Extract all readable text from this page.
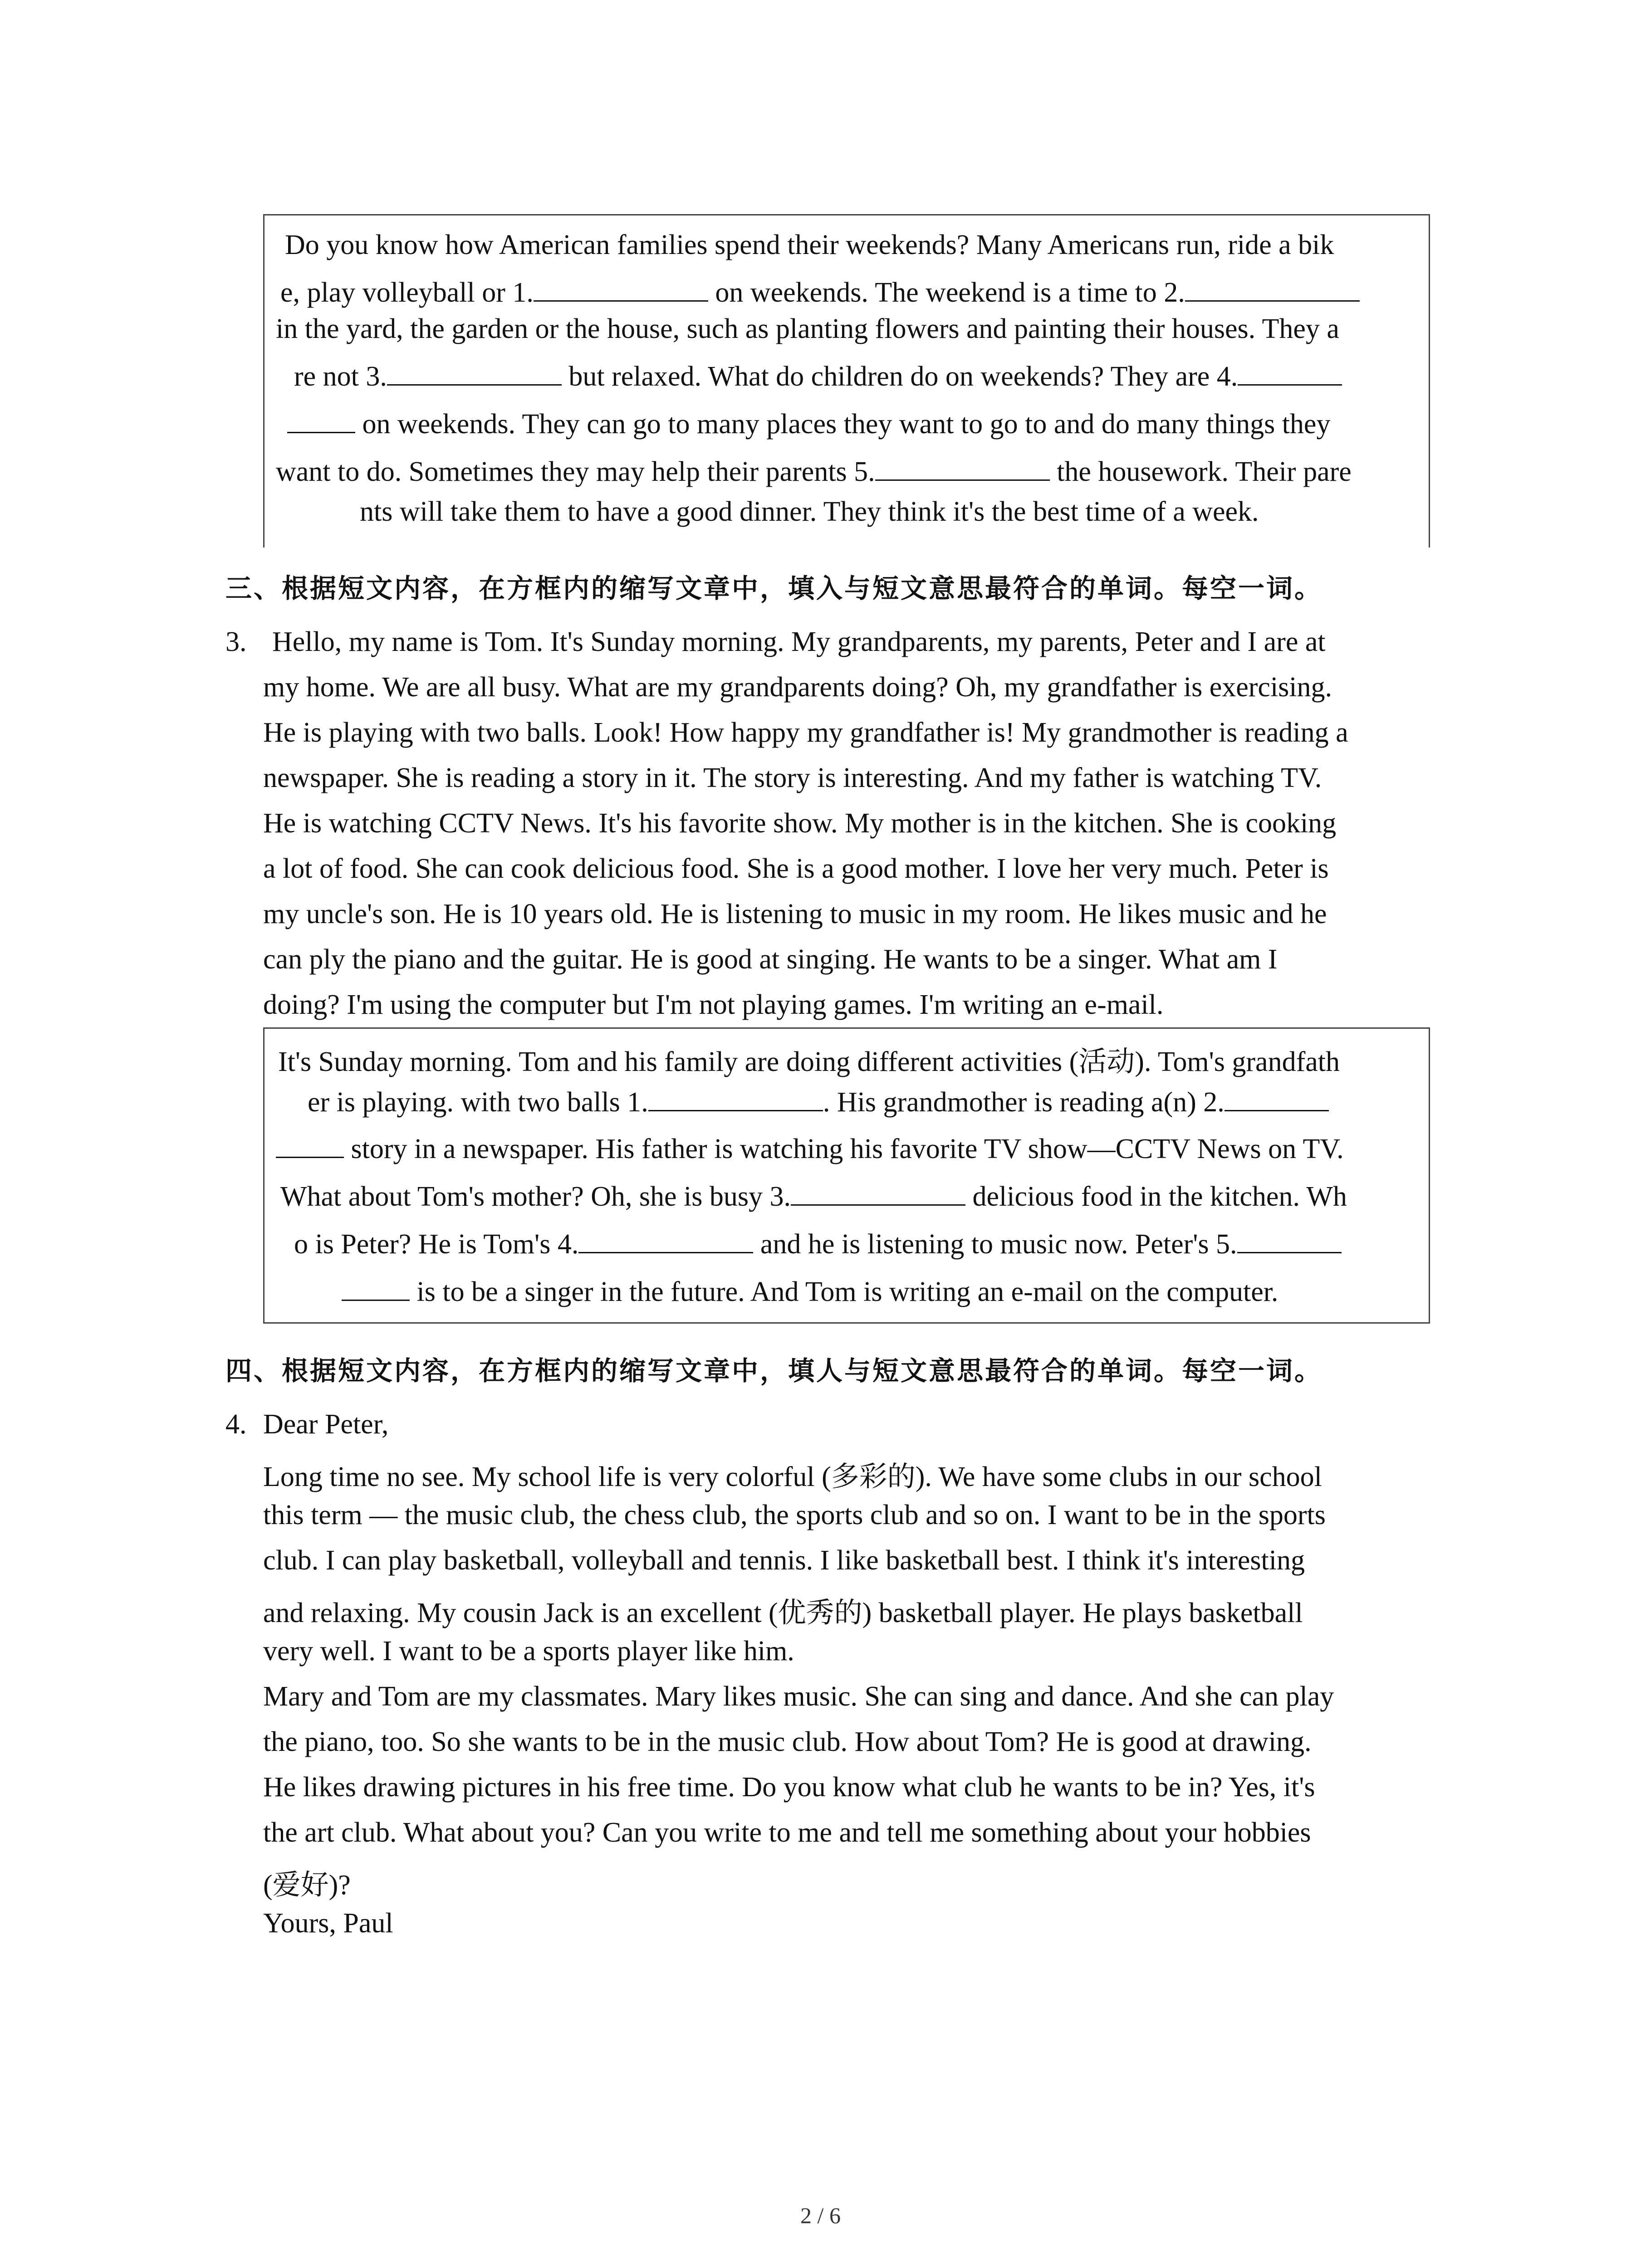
Do you know how American families spend their weekends? Many Americans run, ride a bik
e, play volleyball or 1.	on weekends. The weekend is a time to 2.
in the yard, the garden or the house, such as planting flowers and painting their houses. They a
re not 3.	but relaxed. What do children do on weekends? They are 4.
on weekends. They can go to many places they want to go to and do many things they
want to do. Sometimes they may help their parents 5.	the housework. Their pare
nts will take them to have a good dinner. They think it's the best time of a week.
三、根据短文内容，在方框内的缩写文章中，填入与短文意思最符合的单词。每空一词。
3. Hello, my name is Tom. It's Sunday morning. My grandparents, my parents, Peter and I are at
my home. We are all busy. What are my grandparents doing? Oh, my grandfather is exercising.
He is playing with two balls. Look! How happy my grandfather is! My grandmother is reading a
newspaper. She is reading a story in it. The story is interesting. And my father is watching TV.
He is watching CCTV News. It's his favorite show. My mother is in the kitchen. She is cooking
a lot of food. She can cook delicious food. She is a good mother. I love her very much. Peter is
my uncle's son. He is 10 years old. He is listening to music in my room. He likes music and he
can ply the piano and the guitar. He is good at singing. He wants to be a singer. What am I
doing? I'm using the computer but I'm not playing games. I'm writing an e-mail.
It's Sunday morning. Tom and his family are doing different activities (活动). Tom's grandfath
er is playing. with two balls 1.	. His grandmother is reading a(n) 2.
story in a newspaper. His father is watching his favorite TV show—CCTV News on TV.
What about Tom's mother? Oh, she is busy 3.	delicious food in the kitchen. Wh
o is Peter? He is Tom's 4.	and he is listening to music now. Peter's 5.
is to be a singer in the future. And Tom is writing an e-mail on the computer.
四、根据短文内容，在方框内的缩写文章中，填人与短文意思最符合的单词。每空一词。
4. Dear Peter,
Long time no see. My school life is very colorful (多彩的). We have some clubs in our school
this term — the music club, the chess club, the sports club and so on. I want to be in the sports
club. I can play basketball, volleyball and tennis. I like basketball best. I think it's interesting
and relaxing. My cousin Jack is an excellent (优秀的) basketball player. He plays basketball
very well. I want to be a sports player like him.
Mary and Tom are my classmates. Mary likes music. She can sing and dance. And she can play
the piano, too. So she wants to be in the music club. How about Tom? He is good at drawing.
He likes drawing pictures in his free time. Do you know what club he wants to be in? Yes, it's
the art club. What about you? Can you write to me and tell me something about your hobbies
(爱好)?
Yours, Paul
2 / 6
